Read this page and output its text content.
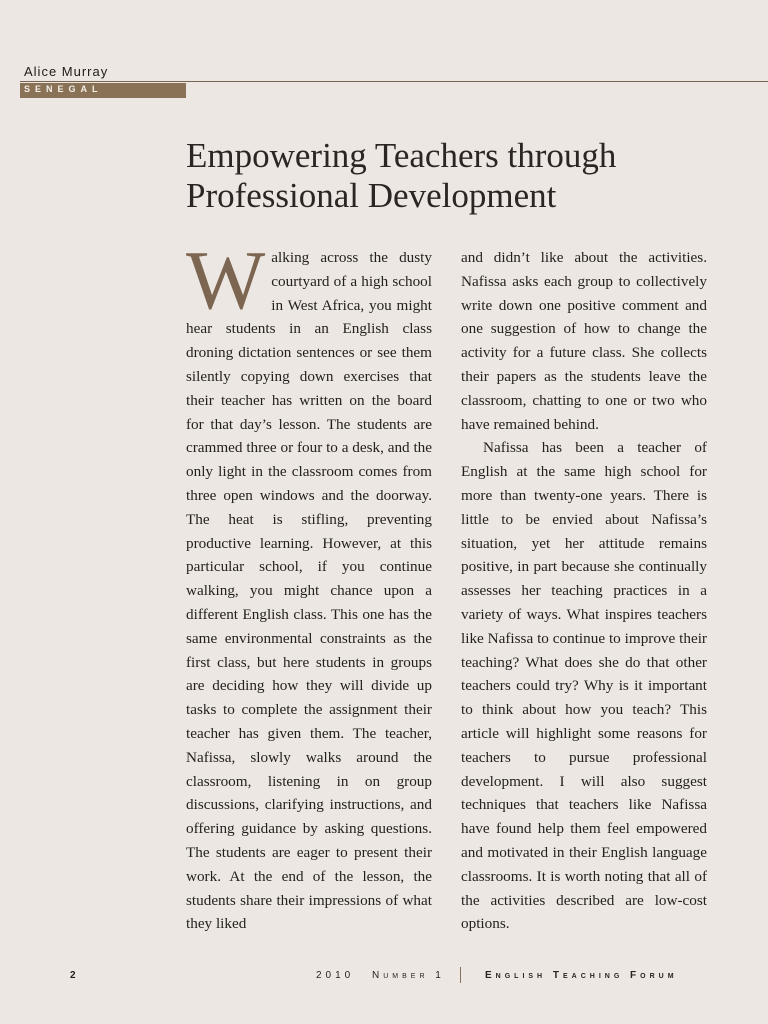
Alice Murray
SENEGAL
Empowering Teachers through
Professional Development
W alking across the dusty courtyard of a high school in West Africa, you might hear students in an English class droning dictation sentences or see them silently copying down exercises that their teacher has written on the board for that day’s lesson. The students are crammed three or four to a desk, and the only light in the classroom comes from three open windows and the doorway. The heat is stifling, preventing productive learning. However, at this particular school, if you continue walking, you might chance upon a different English class. This one has the same environmental constraints as the first class, but here students in groups are deciding how they will divide up tasks to complete the assignment their teacher has given them. The teacher, Nafissa, slowly walks around the classroom, listening in on group discussions, clarifying instructions, and offering guidance by asking questions. The students are eager to present their work. At the end of the lesson, the students share their impressions of what they liked

and didn’t like about the activities. Nafissa asks each group to collectively write down one positive comment and one suggestion of how to change the activity for a future class. She collects their papers as the students leave the classroom, chatting to one or two who have remained behind.

Nafissa has been a teacher of English at the same high school for more than twenty-one years. There is little to be envied about Nafissa’s situation, yet her attitude remains positive, in part because she continually assesses her teaching practices in a variety of ways. What inspires teachers like Nafissa to continue to improve their teaching? What does she do that other teachers could try? Why is it important to think about how you teach? This article will highlight some reasons for teachers to pursue professional development. I will also suggest techniques that teachers like Nafissa have found help them feel empowered and motivated in their English language classrooms. It is worth noting that all of the activities described are low-cost options.

2	2010 Number 1	English Teaching Forum
